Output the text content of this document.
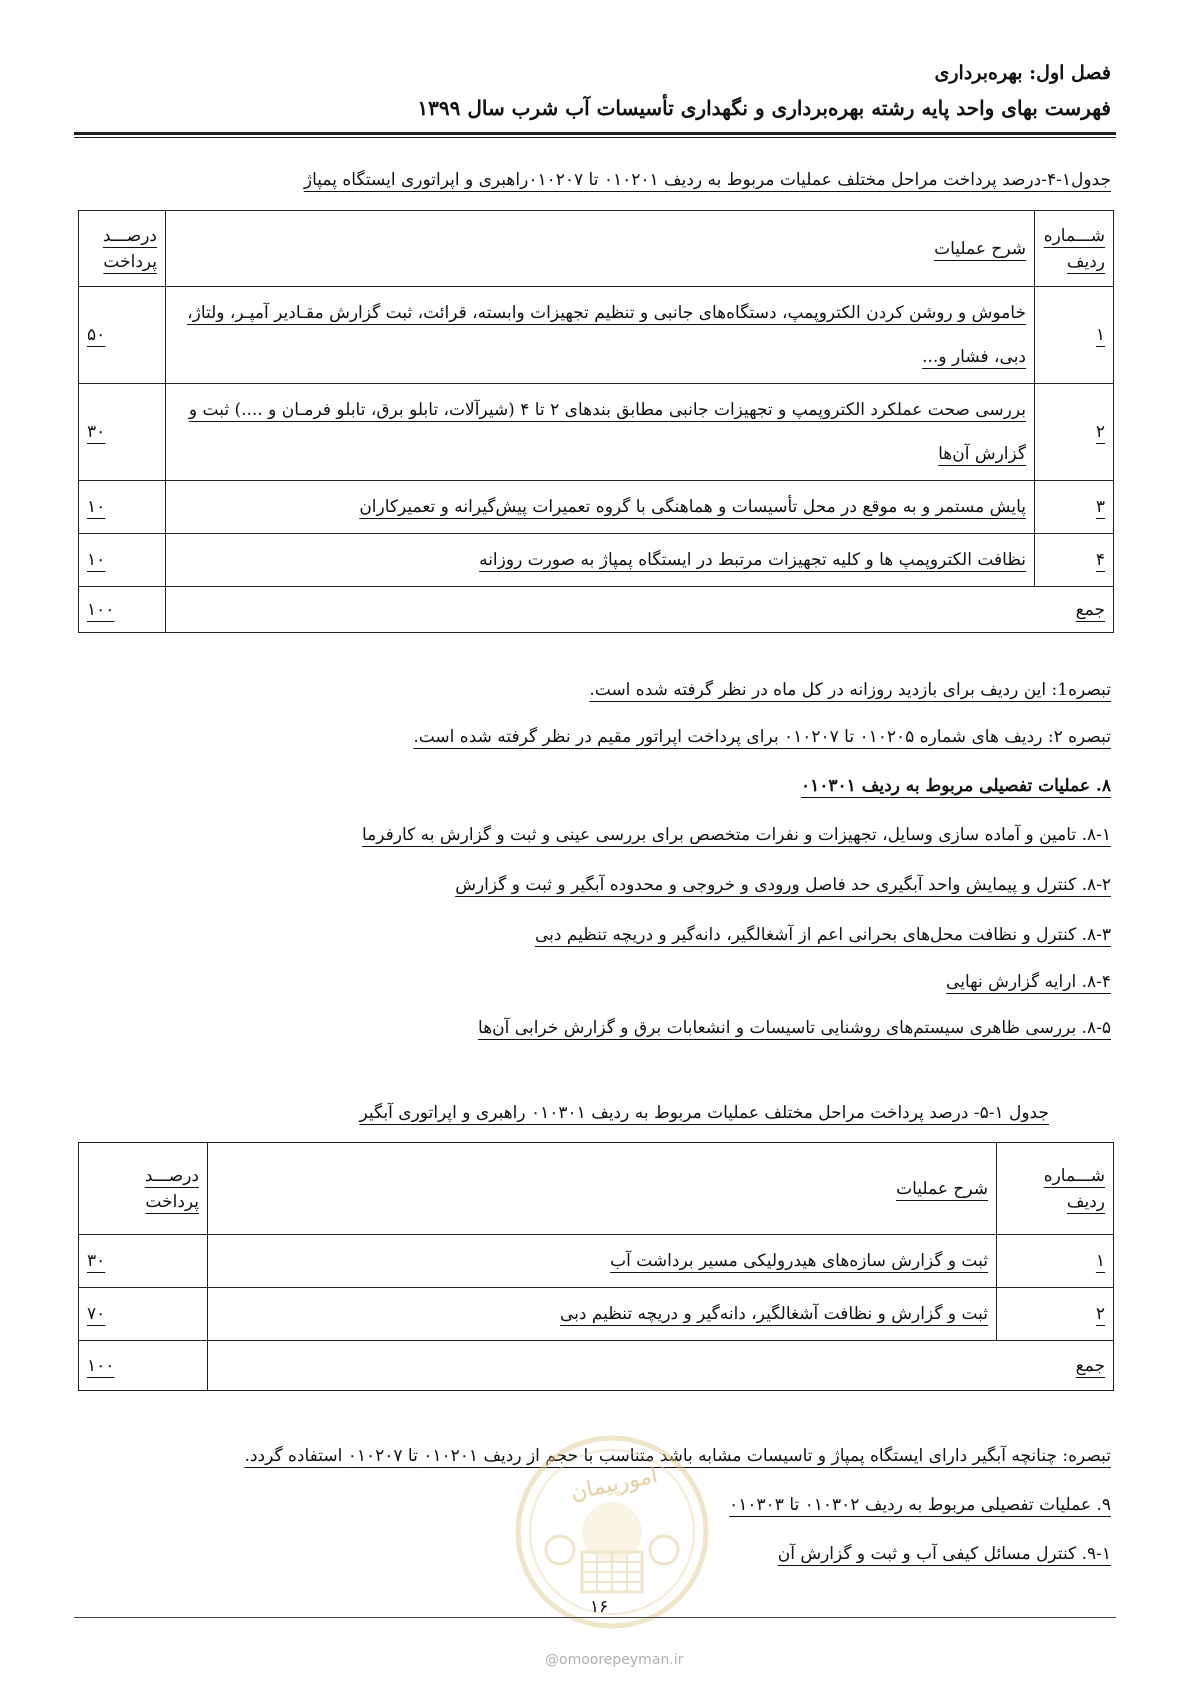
فصل اول: بهره‌برداری
فهرست بهای واحد پایه رشته بهره‌برداری و نگهداری تأسیسات آب شرب سال ۱۳۹۹
جدول۱-۴-درصد پرداخت مراحل مختلف عملیات مربوط به ردیف ۰۱۰۲۰۱ تا ۰۱۰۲۰۷راهبری و اپراتوری ایستگاه پمپاژ
شـــماره
ردیف	شرح عملیات	درصـــد
پرداخت

۱	خاموش و روشن کردن الکتروپمپ، دستگاه‌های جانبی و تنظیم تجهیزات وابسته، قرائت، ثبت گزارش مقـادیر آمپـر، ولتاژ، دبی، فشار و...	۵۰
۲	بررسی صحت عملکرد الکتروپمپ و تجهیزات جانبی مطابق بندهای ۲ تا ۴ (شیرآلات، تابلو برق، تابلو فرمـان و ....) ثبت و گزارش آن‌ها	۳۰
۳	پایش مستمر و به موقع در محل تأسیسات و هماهنگی با گروه تعمیرات پیش‌گیرانه و تعمیرکاران	۱۰
۴	نظافت الکتروپمپ ها و کلیه تجهیزات مرتبط در ایستگاه پمپاژ به صورت روزانه	۱۰
جمع		۱۰۰
تبصره1: این ردیف برای بازدید روزانه در کل ماه در نظر گرفته شده است.
تبصره ۲: ردیف های شماره ۰۱۰۲۰۵ تا ۰۱۰۲۰۷ برای پرداخت اپراتور مقیم در نظر گرفته شده است.
۸. عملیات تفصیلی مربوط به ردیف ۰۱۰۳۰۱
۸-۱. تامین و آماده سازی وسایل، تجهیزات و نفرات متخصص برای بررسی عینی و ثبت و گزارش به کارفرما
۸-۲. کنترل و پیمایش واحد آبگیری حد فاصل ورودی و خروجی و محدوده آبگیر و ثبت و گزارش
۸-۳. کنترل و نظافت محل‌های بحرانی اعم از آشغالگیر، دانه‌گیر و دریچه تنظیم دبی
۸-۴. ارایه گزارش نهایی
۸-۵. بررسی ظاهری سیستم‌های روشنایی تاسیسات و انشعابات برق و گزارش خرابی آن‌ها
جدول ۱-۵- درصد پرداخت مراحل مختلف عملیات مربوط به ردیف ۰۱۰۳۰۱ راهبری و اپراتوری آبگیر
شـــماره
ردیف	شرح عملیات	درصـــد
پرداخت

۱	ثبت و گزارش سازه‌های هیدرولیکی مسیر برداشت آب	۳۰
۲	ثبت و گزارش و نظافت آشغالگیر، دانه‌گیر و دریچه تنظیم دبی	۷۰
جمع		۱۰۰
تبصره: چنانچه آبگیر دارای ایستگاه پمپاژ و تاسیسات مشابه باشد متناسب با حجم از ردیف ۰۱۰۲۰۱ تا ۰۱۰۲۰۷ استفاده گردد.
۹. عملیات تفصیلی مربوط به ردیف ۰۱۰۳۰۲ تا ۰۱۰۳۰۳
۹-۱. کنترل مسائل کیفی آب و ثبت و گزارش آن
امورپیمان
۱۶
@omoorepeyman.ir
